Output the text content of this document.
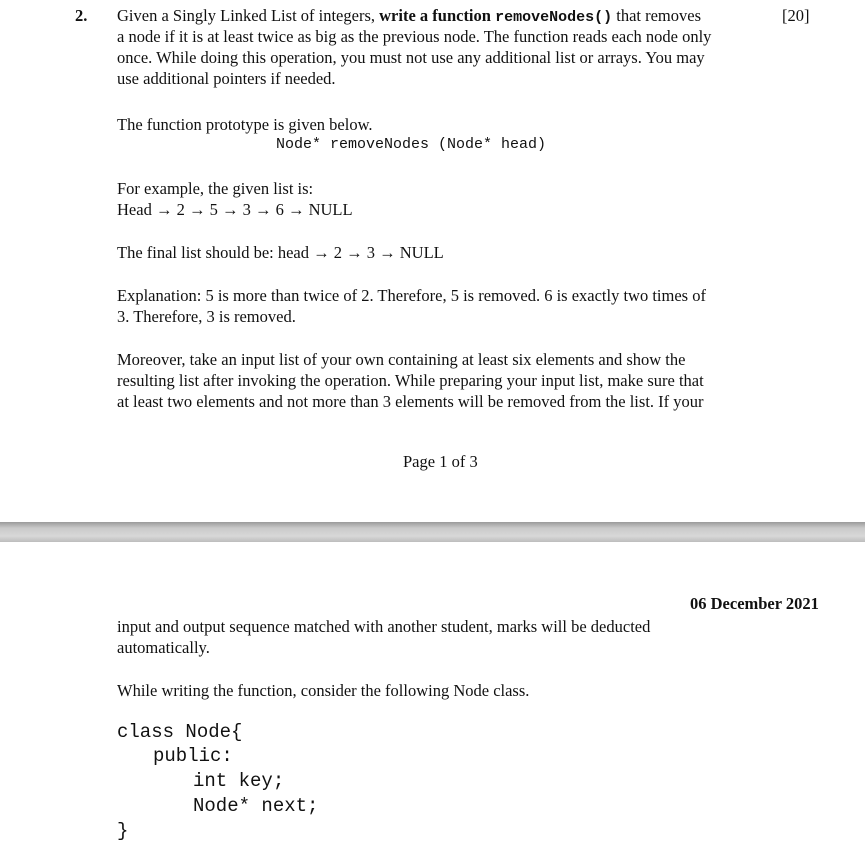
2.	[20]
Given a Singly Linked List of integers, write a function removeNodes() that removes
a node if it is at least twice as big as the previous node. The function reads each node only
once. While doing this operation, you must not use any additional list or arrays. You may
use additional pointers if needed.
The function prototype is given below.
Node* removeNodes (Node* head)
For example, the given list is:
Head → 2 → 5 → 3 → 6 → NULL
The final list should be: head → 2 → 3 → NULL
Explanation: 5 is more than twice of 2. Therefore, 5 is removed. 6 is exactly two times of
3. Therefore, 3 is removed.
Moreover, take an input list of your own containing at least six elements and show the
resulting list after invoking the operation. While preparing your input list, make sure that
at least two elements and not more than 3 elements will be removed from the list. If your
Page 1 of 3
06 December 2021
input and output sequence matched with another student, marks will be deducted
automatically.
While writing the function, consider the following Node class.
class Node{
public:
int key;
Node* next;
}
